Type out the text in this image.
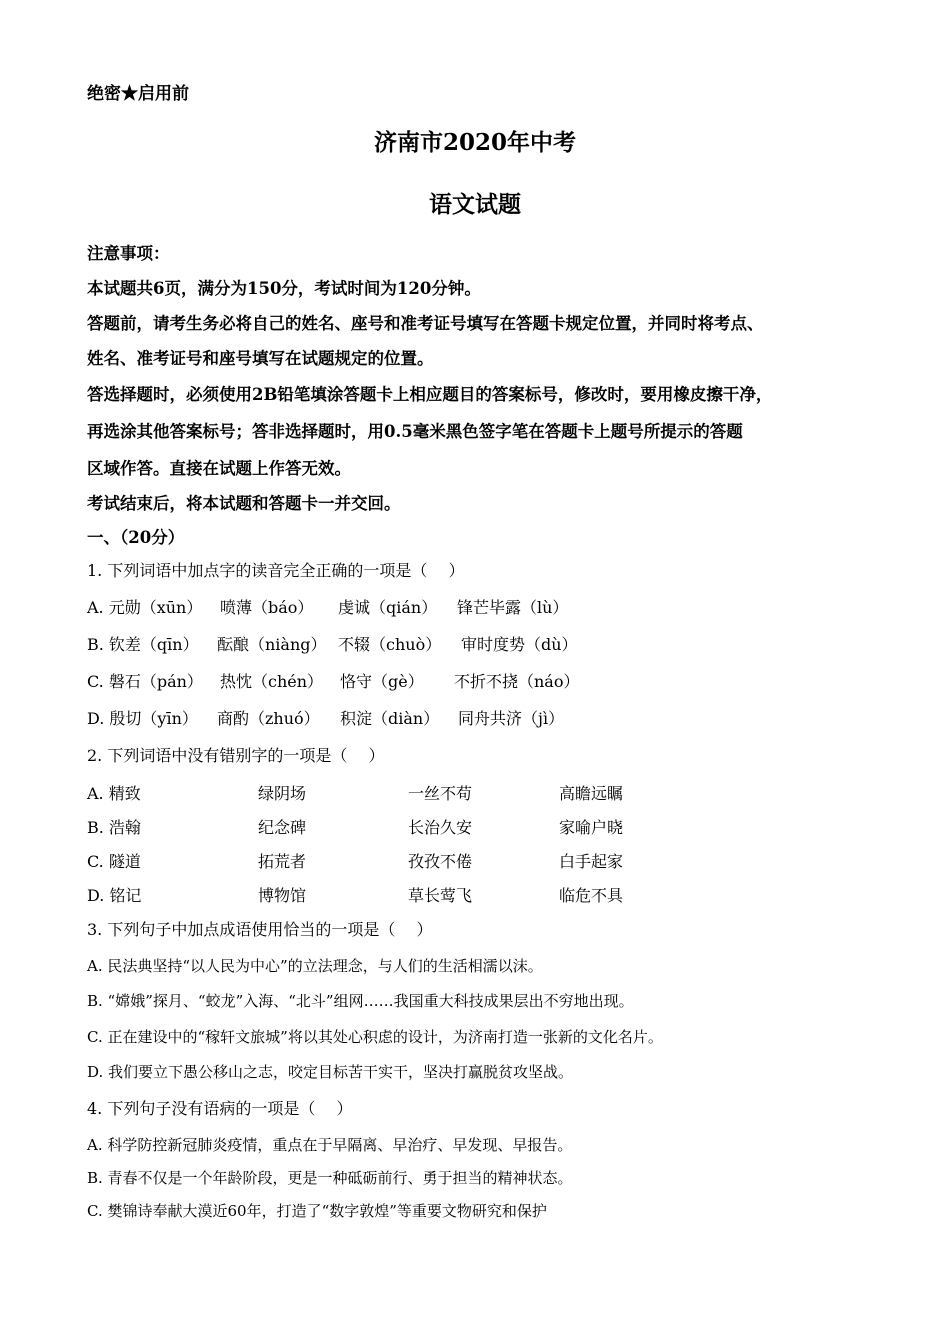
绝密★启用前
济南市2020年中考
语文试题
注意事项：
本试题共6页，满分为150分，考试时间为120分钟。
答题前，请考生务必将自己的姓名、座号和准考证号填写在答题卡规定位置，并同时将考点、
姓名、准考证号和座号填写在试题规定的位置。
答选择题时，必须使用2B铅笔填涂答题卡上相应题目的答案标号，修改时，要用橡皮擦干净，
再选涂其他答案标号；答非选择题时，用0.5毫米黑色签字笔在答题卡上题号所提示的答题
区域作答。直接在试题上作答无效。
考试结束后，将本试题和答题卡一并交回。
一、（20分）
1. 下列词语中加点字的读音完全正确的一项是（　 ）
A. 元勋（xūn） 喷薄（báo） 虔诚（qián） 锋芒毕露（lù）
B. 钦差（qīn） 酝酿（niàng） 不辍（chuò） 审时度势（dù）
C. 磐石（pán） 热忱（chén） 恪守（gè） 不折不挠（náo）
D. 殷切（yīn） 商酌（zhuó） 积淀（diàn） 同舟共济（jì）
2. 下列词语中没有错别字的一项是（　 ）
A. 精致	绿阴场	一丝不苟	高瞻远瞩
B. 浩翰	纪念碑	长治久安	家喻户晓
C. 隧道	拓荒者	孜孜不倦	白手起家
D. 铭记	博物馆	草长莺飞	临危不具
3. 下列句子中加点成语使用恰当的一项是（　 ）
A. 民法典坚持“以人民为中心”的立法理念，与人们的生活相濡以沫。
B. “嫦娥”探月、“蛟龙”入海、“北斗”组网……我国重大科技成果层出不穷地出现。
C. 正在建设中的“稼轩文旅城”将以其处心积虑的设计，为济南打造一张新的文化名片。
D. 我们要立下愚公移山之志，咬定目标苦干实干，坚决打赢脱贫攻坚战。
4. 下列句子没有语病的一项是（　 ）
A. 科学防控新冠肺炎疫情，重点在于早隔离、早治疗、早发现、早报告。
B. 青春不仅是一个年龄阶段，更是一种砥砺前行、勇于担当的精神状态。
C. 樊锦诗奉献大漠近60年，打造了“数字敦煌”等重要文物研究和保护
